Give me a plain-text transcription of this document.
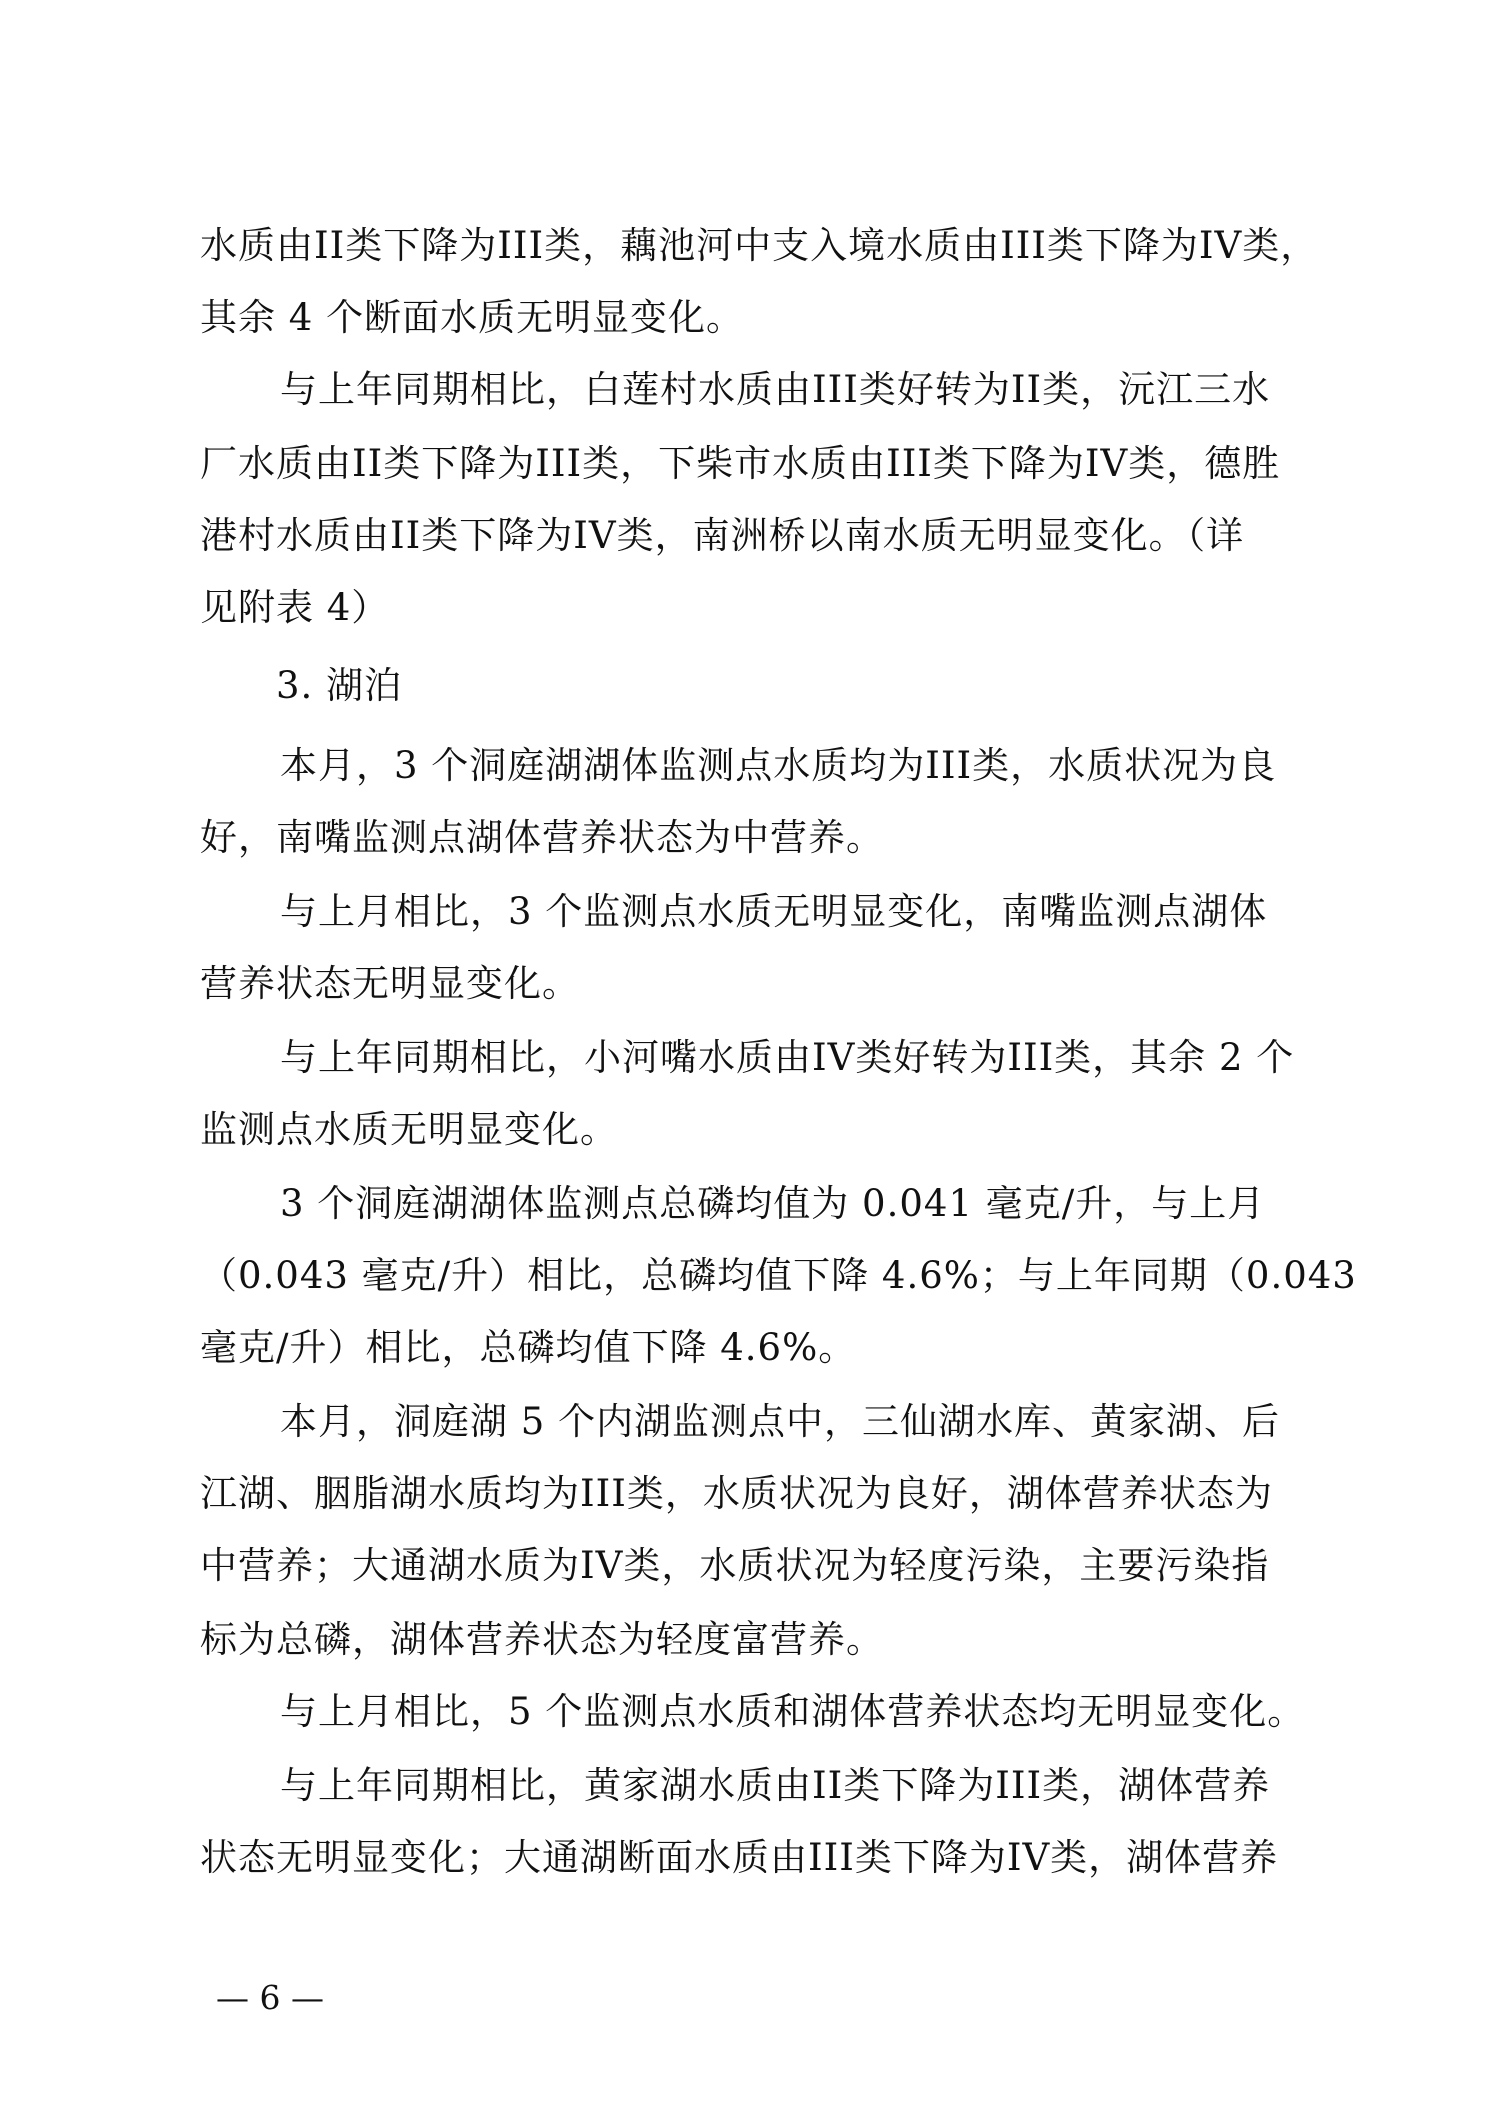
水质由II类下降为III类，藕池河中支入境水质由III类下降为IV类，
其余 4 个断面水质无明显变化。
与上年同期相比，白莲村水质由III类好转为II类，沅江三水
厂水质由II类下降为III类，下柴市水质由III类下降为IV类，德胜
港村水质由II类下降为IV类，南洲桥以南水质无明显变化。（详
见附表 4）
3. 湖泊
本月，3 个洞庭湖湖体监测点水质均为III类，水质状况为良
好，南嘴监测点湖体营养状态为中营养。
与上月相比，3 个监测点水质无明显变化，南嘴监测点湖体
营养状态无明显变化。
与上年同期相比，小河嘴水质由IV类好转为III类，其余 2 个
监测点水质无明显变化。
3 个洞庭湖湖体监测点总磷均值为 0.041 毫克/升，与上月
（0.043 毫克/升）相比，总磷均值下降 4.6%；与上年同期（0.043
毫克/升）相比，总磷均值下降 4.6%。
本月，洞庭湖 5 个内湖监测点中，三仙湖水库、黄家湖、后
江湖、胭脂湖水质均为III类，水质状况为良好，湖体营养状态为
中营养；大通湖水质为IV类，水质状况为轻度污染，主要污染指
标为总磷，湖体营养状态为轻度富营养。
与上月相比，5 个监测点水质和湖体营养状态均无明显变化。
与上年同期相比，黄家湖水质由II类下降为III类，湖体营养
状态无明显变化；大通湖断面水质由III类下降为IV类，湖体营养
— 6 —
